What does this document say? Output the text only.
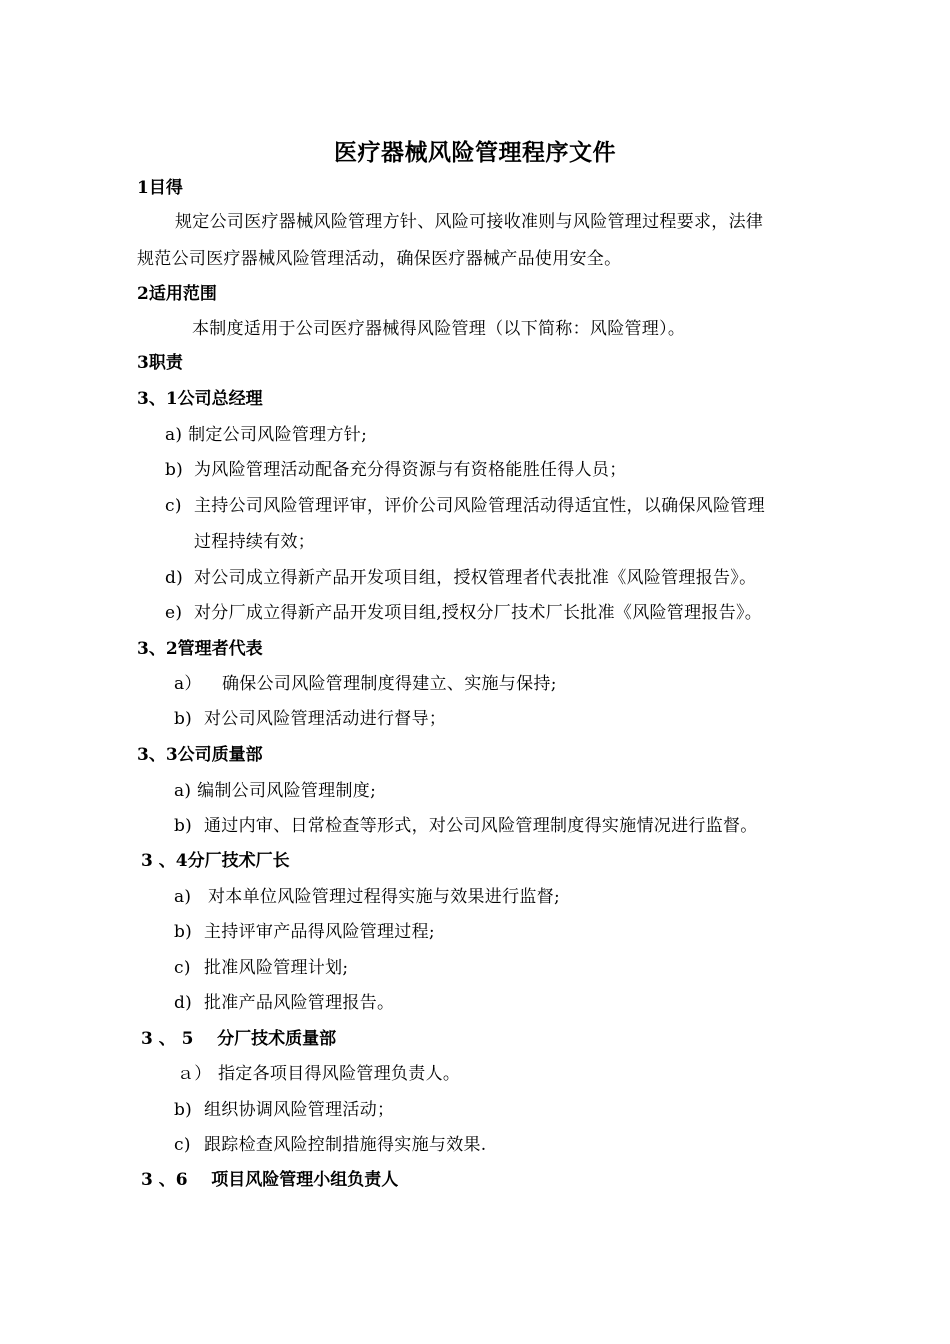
医疗器械风险管理程序文件
1目得
规定公司医疗器械风险管理方针、风险可接收准则与风险管理过程要求，法律
规范公司医疗器械风险管理活动，确保医疗器械产品使用安全。
2适用范围
本制度适用于公司医疗器械得风险管理（以下简称：风险管理）。
3职责
3、1公司总经理
a) 制定公司风险管理方针;
b) 为风险管理活动配备充分得资源与有资格能胜任得人员；
c) 主持公司风险管理评审，评价公司风险管理活动得适宜性，以确保风险管理
过程持续有效；
d) 对公司成立得新产品开发项目组，授权管理者代表批准《风险管理报告》。
e) 对分厂成立得新产品开发项目组,授权分厂技术厂长批准《风险管理报告》。
3、2管理者代表
a） 确保公司风险管理制度得建立、实施与保持;
b) 对公司风险管理活动进行督导；
3、3公司质量部
a) 编制公司风险管理制度;
b) 通过内审、日常检查等形式，对公司风险管理制度得实施情况进行监督。
3 、4分厂技术厂长
a) 对本单位风险管理过程得实施与效果进行监督;
b) 主持评审产品得风险管理过程;
c) 批准风险管理计划;
d) 批准产品风险管理报告。
3 、 5    分厂技术质量部
ａ） 指定各项目得风险管理负责人。
b) 组织协调风险管理活动；
c) 跟踪检查风险控制措施得实施与效果.
3 、6    项目风险管理小组负责人
